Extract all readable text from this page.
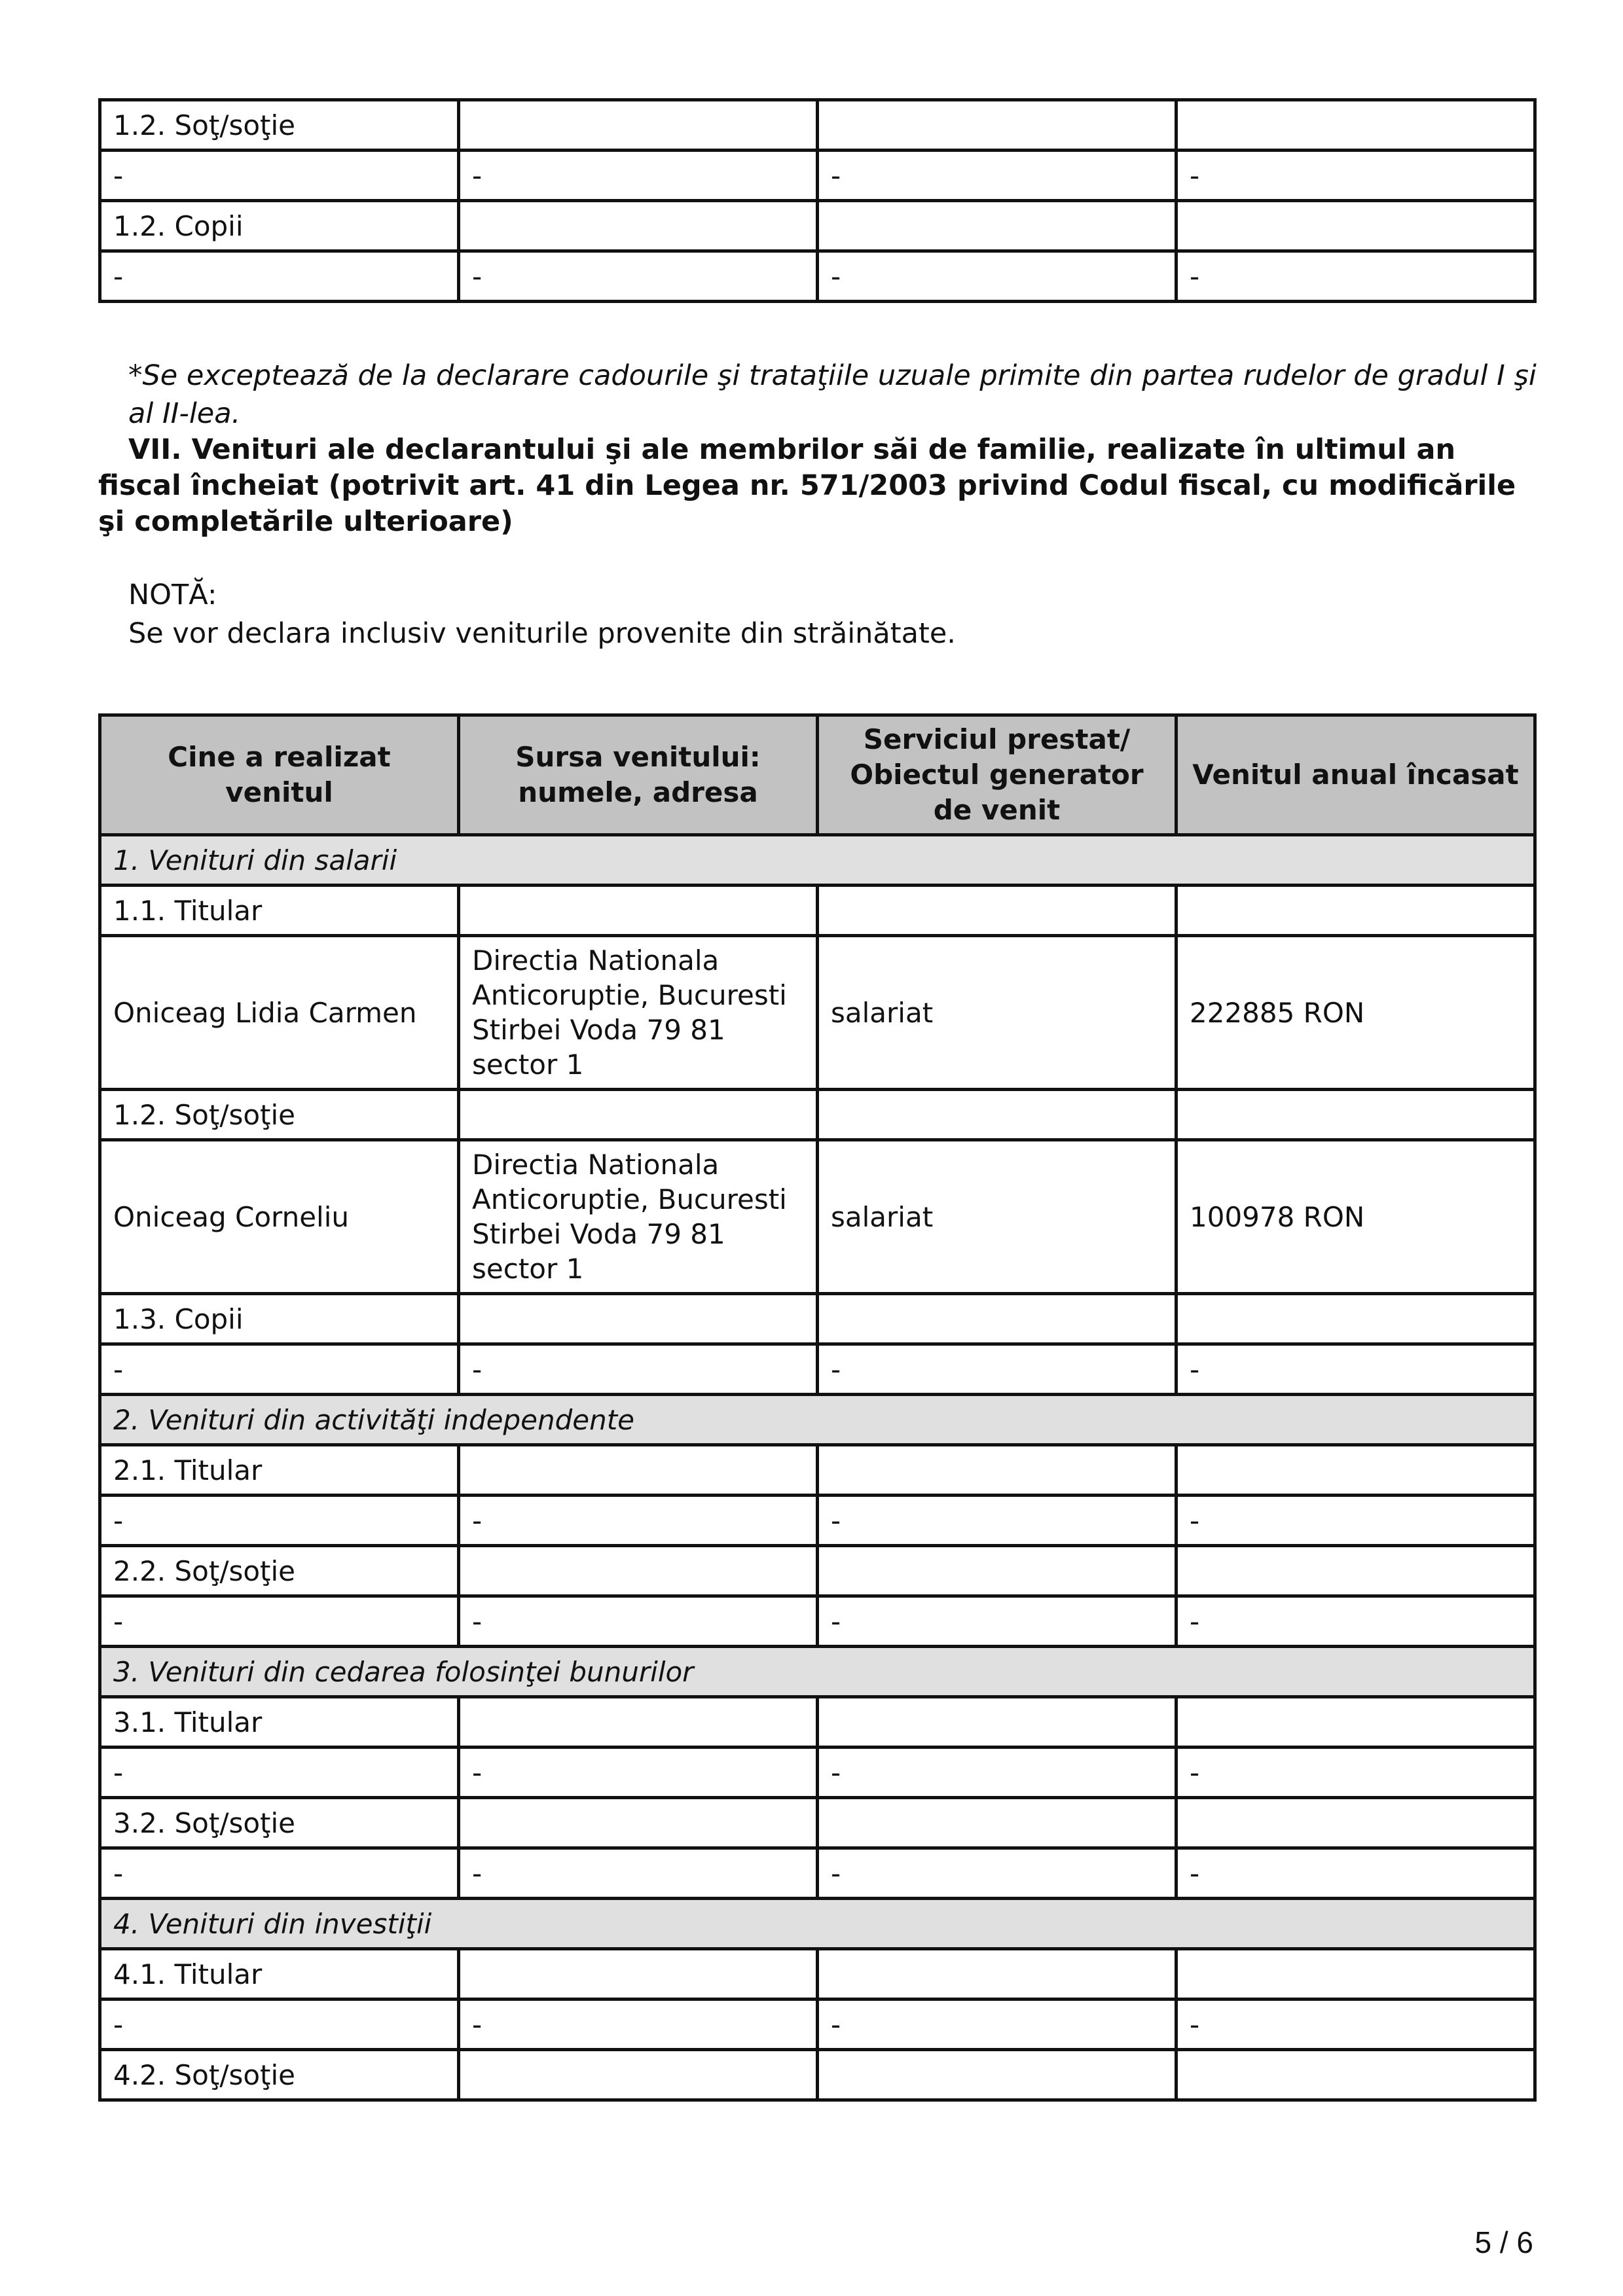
1.2. Soţ/soţie			
-	-	-	-
1.2. Copii			
-	-	-	-

*Se exceptează de la declarare cadourile şi trataţiile uzuale primite din partea rudelor de gradul I şi al II-lea.

VII. Venituri ale declarantului şi ale membrilor săi de familie, realizate în ultimul an fiscal încheiat (potrivit art. 41 din Legea nr. 571/2003 privind Codul fiscal, cu modificările şi completările ulterioare)

NOTĂ:
Se vor declara inclusiv veniturile provenite din străinătate.
Cine a realizat venitul	Sursa venitului: numele, adresa	Serviciul prestat/ Obiectul generator de venit	Venitul anual încasat
1. Venituri din salarii			
1.1. Titular			
Oniceag Lidia Carmen	Directia Nationala Anticoruptie, Bucuresti Stirbei Voda 79 81 sector 1	salariat	222885 RON
1.2. Soţ/soţie			
Oniceag Corneliu	Directia Nationala Anticoruptie, Bucuresti Stirbei Voda 79 81 sector 1	salariat	100978 RON
1.3. Copii			
-	-	-	-
2. Venituri din activităţi independente			
2.1. Titular			
-	-	-	-
2.2. Soţ/soţie			
-	-	-	-
3. Venituri din cedarea folosinţei bunurilor			
3.1. Titular			
-	-	-	-
3.2. Soţ/soţie			
-	-	-	-
4. Venituri din investiţii			
4.1. Titular			
-	-	-	-
4.2. Soţ/soţie			
5 / 6
